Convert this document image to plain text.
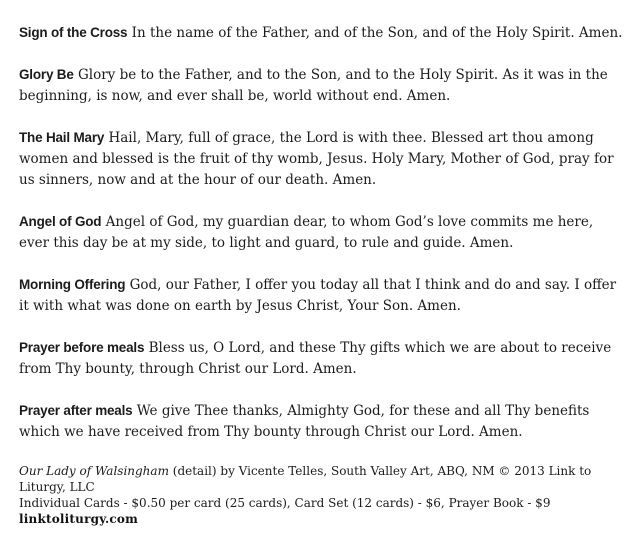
Sign of the Cross In the name of the Father, and of the Son, and of the Holy Spirit. Amen.

Glory Be Glory be to the Father, and to the Son, and to the Holy Spirit. As it was in the beginning, is now, and ever shall be, world without end. Amen.

The Hail Mary Hail, Mary, full of grace, the Lord is with thee. Blessed art thou among women and blessed is the fruit of thy womb, Jesus. Holy Mary, Mother of God, pray for us sinners, now and at the hour of our death. Amen.

Angel of God Angel of God, my guardian dear, to whom God’s love commits me here, ever this day be at my side, to light and guard, to rule and guide. Amen.

Morning Offering God, our Father, I offer you today all that I think and do and say. I offer it with what was done on earth by Jesus Christ, Your Son. Amen.

Prayer before meals Bless us, O Lord, and these Thy gifts which we are about to receive from Thy bounty, through Christ our Lord. Amen.

Prayer after meals We give Thee thanks, Almighty God, for these and all Thy benefits which we have received from Thy bounty through Christ our Lord. Amen.

Our Lady of Walsingham (detail) by Vicente Telles, South Valley Art, ABQ, NM © 2013 Link to Liturgy, LLC
Individual Cards - $0.50 per card (25 cards), Card Set (12 cards) - $6, Prayer Book - $9 linktoliturgy.com
